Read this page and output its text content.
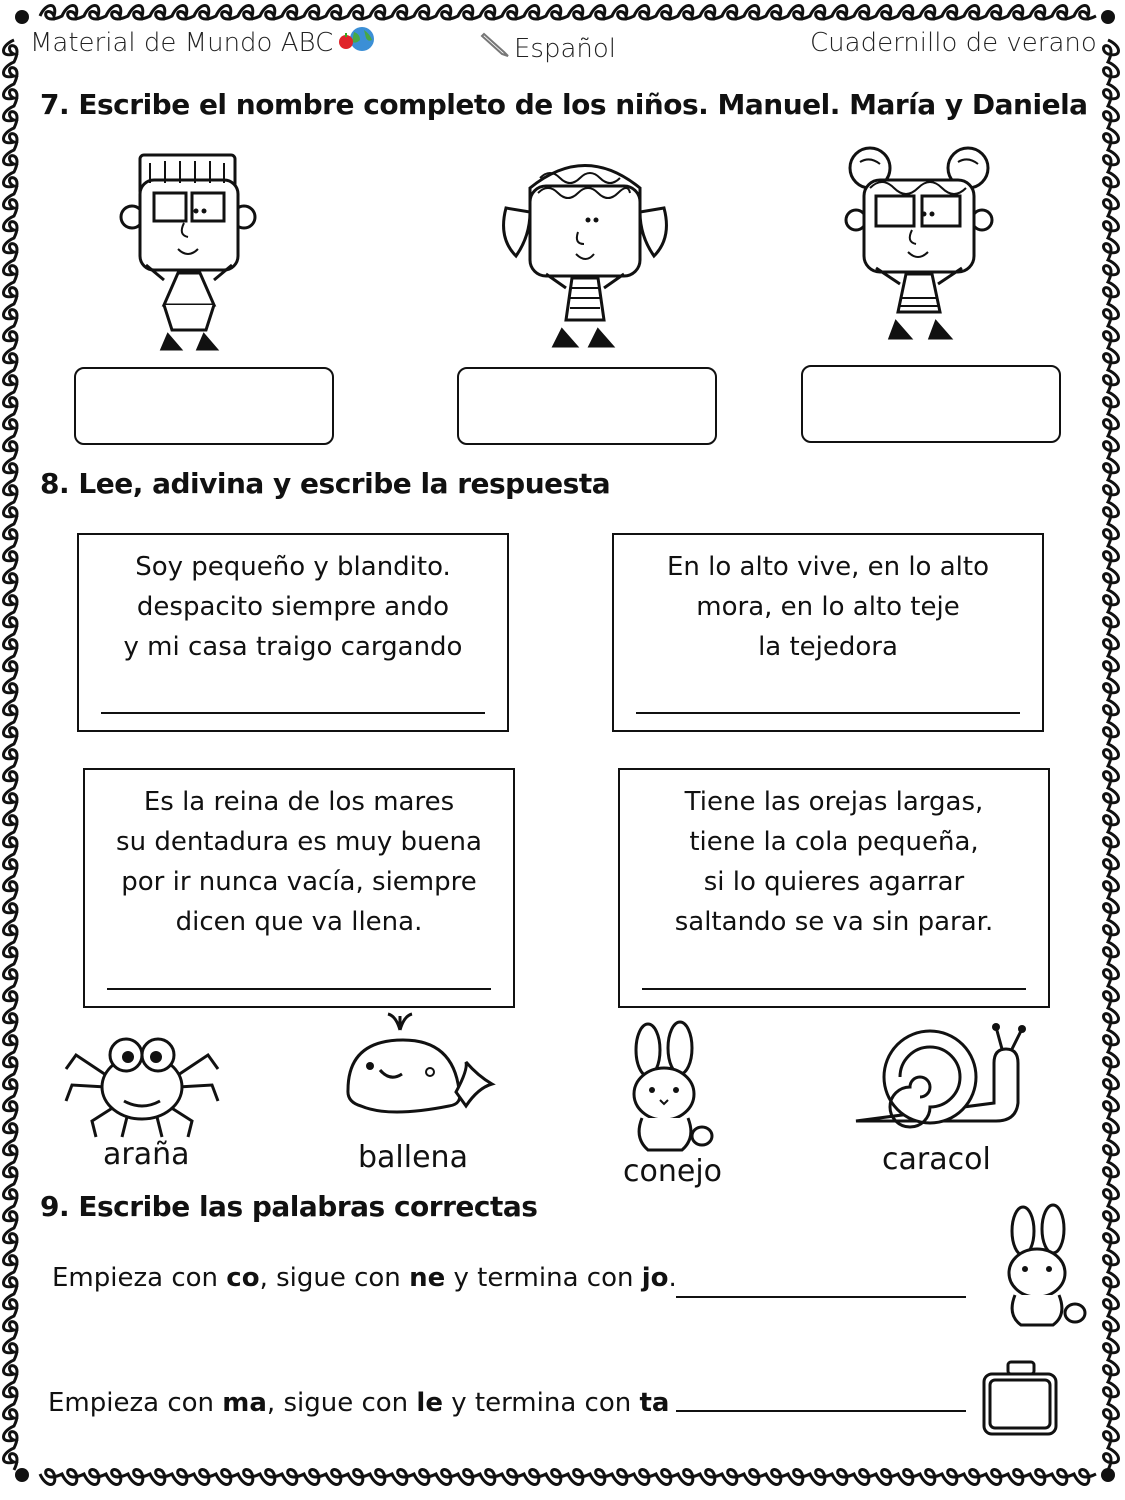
Material de Mundo ABC	Español	Cuadernillo de verano
7. Escribe el nombre completo de los niños. Manuel. María y Daniela
8. Lee, adivina y escribe la respuesta
Soy pequeño y blandito.
despacito siempre ando
y mi casa traigo cargando
En lo alto vive, en lo alto
mora, en lo alto teje
la tejedora
Es la reina de los mares
su dentadura es muy buena
por ir nunca vacía, siempre
dicen que va llena.
Tiene las orejas largas,
tiene la cola pequeña,
si lo quieres agarrar
saltando se va sin parar.
araña	ballena	conejo	caracol
9. Escribe las palabras correctas
Empieza con co, sigue con ne y termina con jo.
Empieza con ma, sigue con le y termina con ta
